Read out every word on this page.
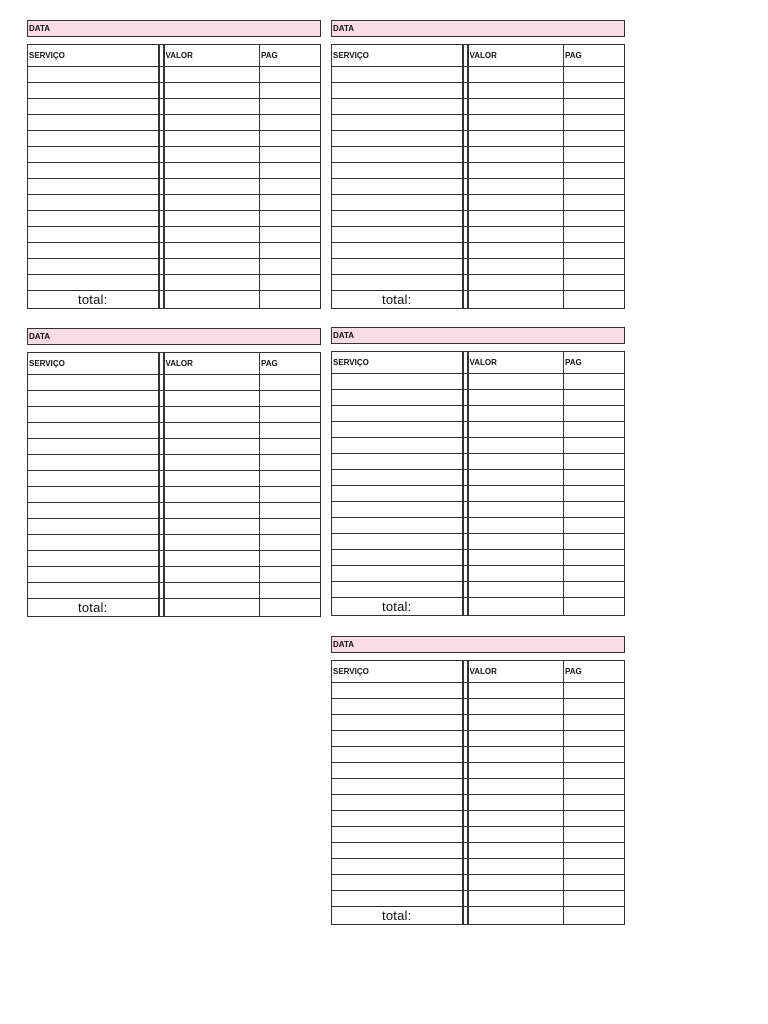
DATA
SERVIÇO		VALOR	PAG

total:			
DATA
SERVIÇO		VALOR	PAG

total:			
DATA
SERVIÇO		VALOR	PAG

total:			
DATA
SERVIÇO		VALOR	PAG

total:			
DATA
SERVIÇO		VALOR	PAG

total:			
